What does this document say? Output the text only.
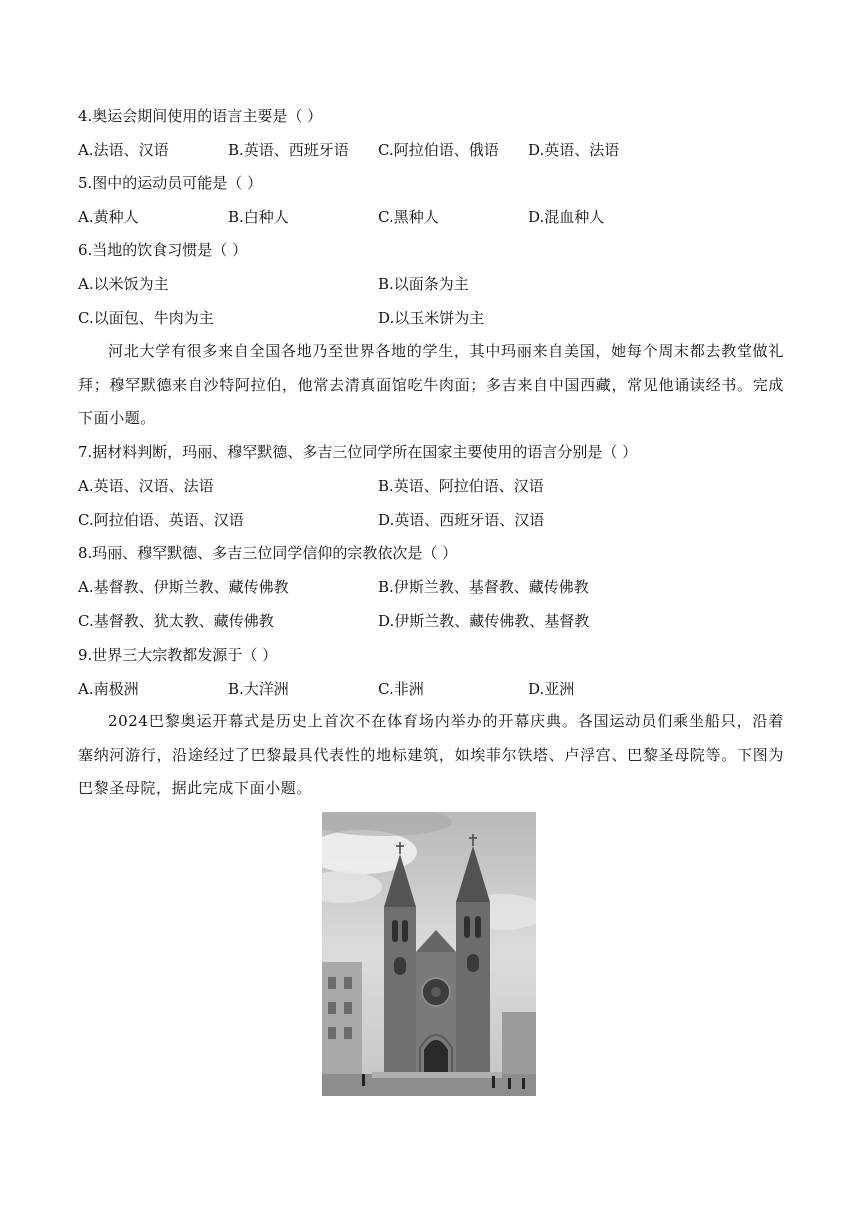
4.奥运会期间使用的语言主要是（ ）
A.法语、汉语	B.英语、西班牙语 C.阿拉伯语、俄语 D.英语、法语
5.图中的运动员可能是（ ）
A.黄种人	B.白种人	C.黑种人	D.混血种人
6.当地的饮食习惯是（ ）
A.以米饭为主	B.以面条为主
C.以面包、牛肉为主	D.以玉米饼为主
河北大学有很多来自全国各地乃至世界各地的学生，其中玛丽来自美国，她每个周末都去教堂做礼拜；穆罕默德来自沙特阿拉伯，他常去清真面馆吃牛肉面；多吉来自中国西藏，常见他诵读经书。完成下面小题。
7.据材料判断，玛丽、穆罕默德、多吉三位同学所在国家主要使用的语言分别是（ ）
A.英语、汉语、法语	B.英语、阿拉伯语、汉语
C.阿拉伯语、英语、汉语	D.英语、西班牙语、汉语
8.玛丽、穆罕默德、多吉三位同学信仰的宗教依次是（ ）
A.基督教、伊斯兰教、藏传佛教	B.伊斯兰教、基督教、藏传佛教
C.基督教、犹太教、藏传佛教	D.伊斯兰教、藏传佛教、基督教
9.世界三大宗教都发源于（ ）
A.南极洲	B.大洋洲	C.非洲	D.亚洲
2024巴黎奥运开幕式是历史上首次不在体育场内举办的开幕庆典。各国运动员们乘坐船只，沿着塞纳河游行，沿途经过了巴黎最具代表性的地标建筑，如埃菲尔铁塔、卢浮宫、巴黎圣母院等。下图为巴黎圣母院，据此完成下面小题。
